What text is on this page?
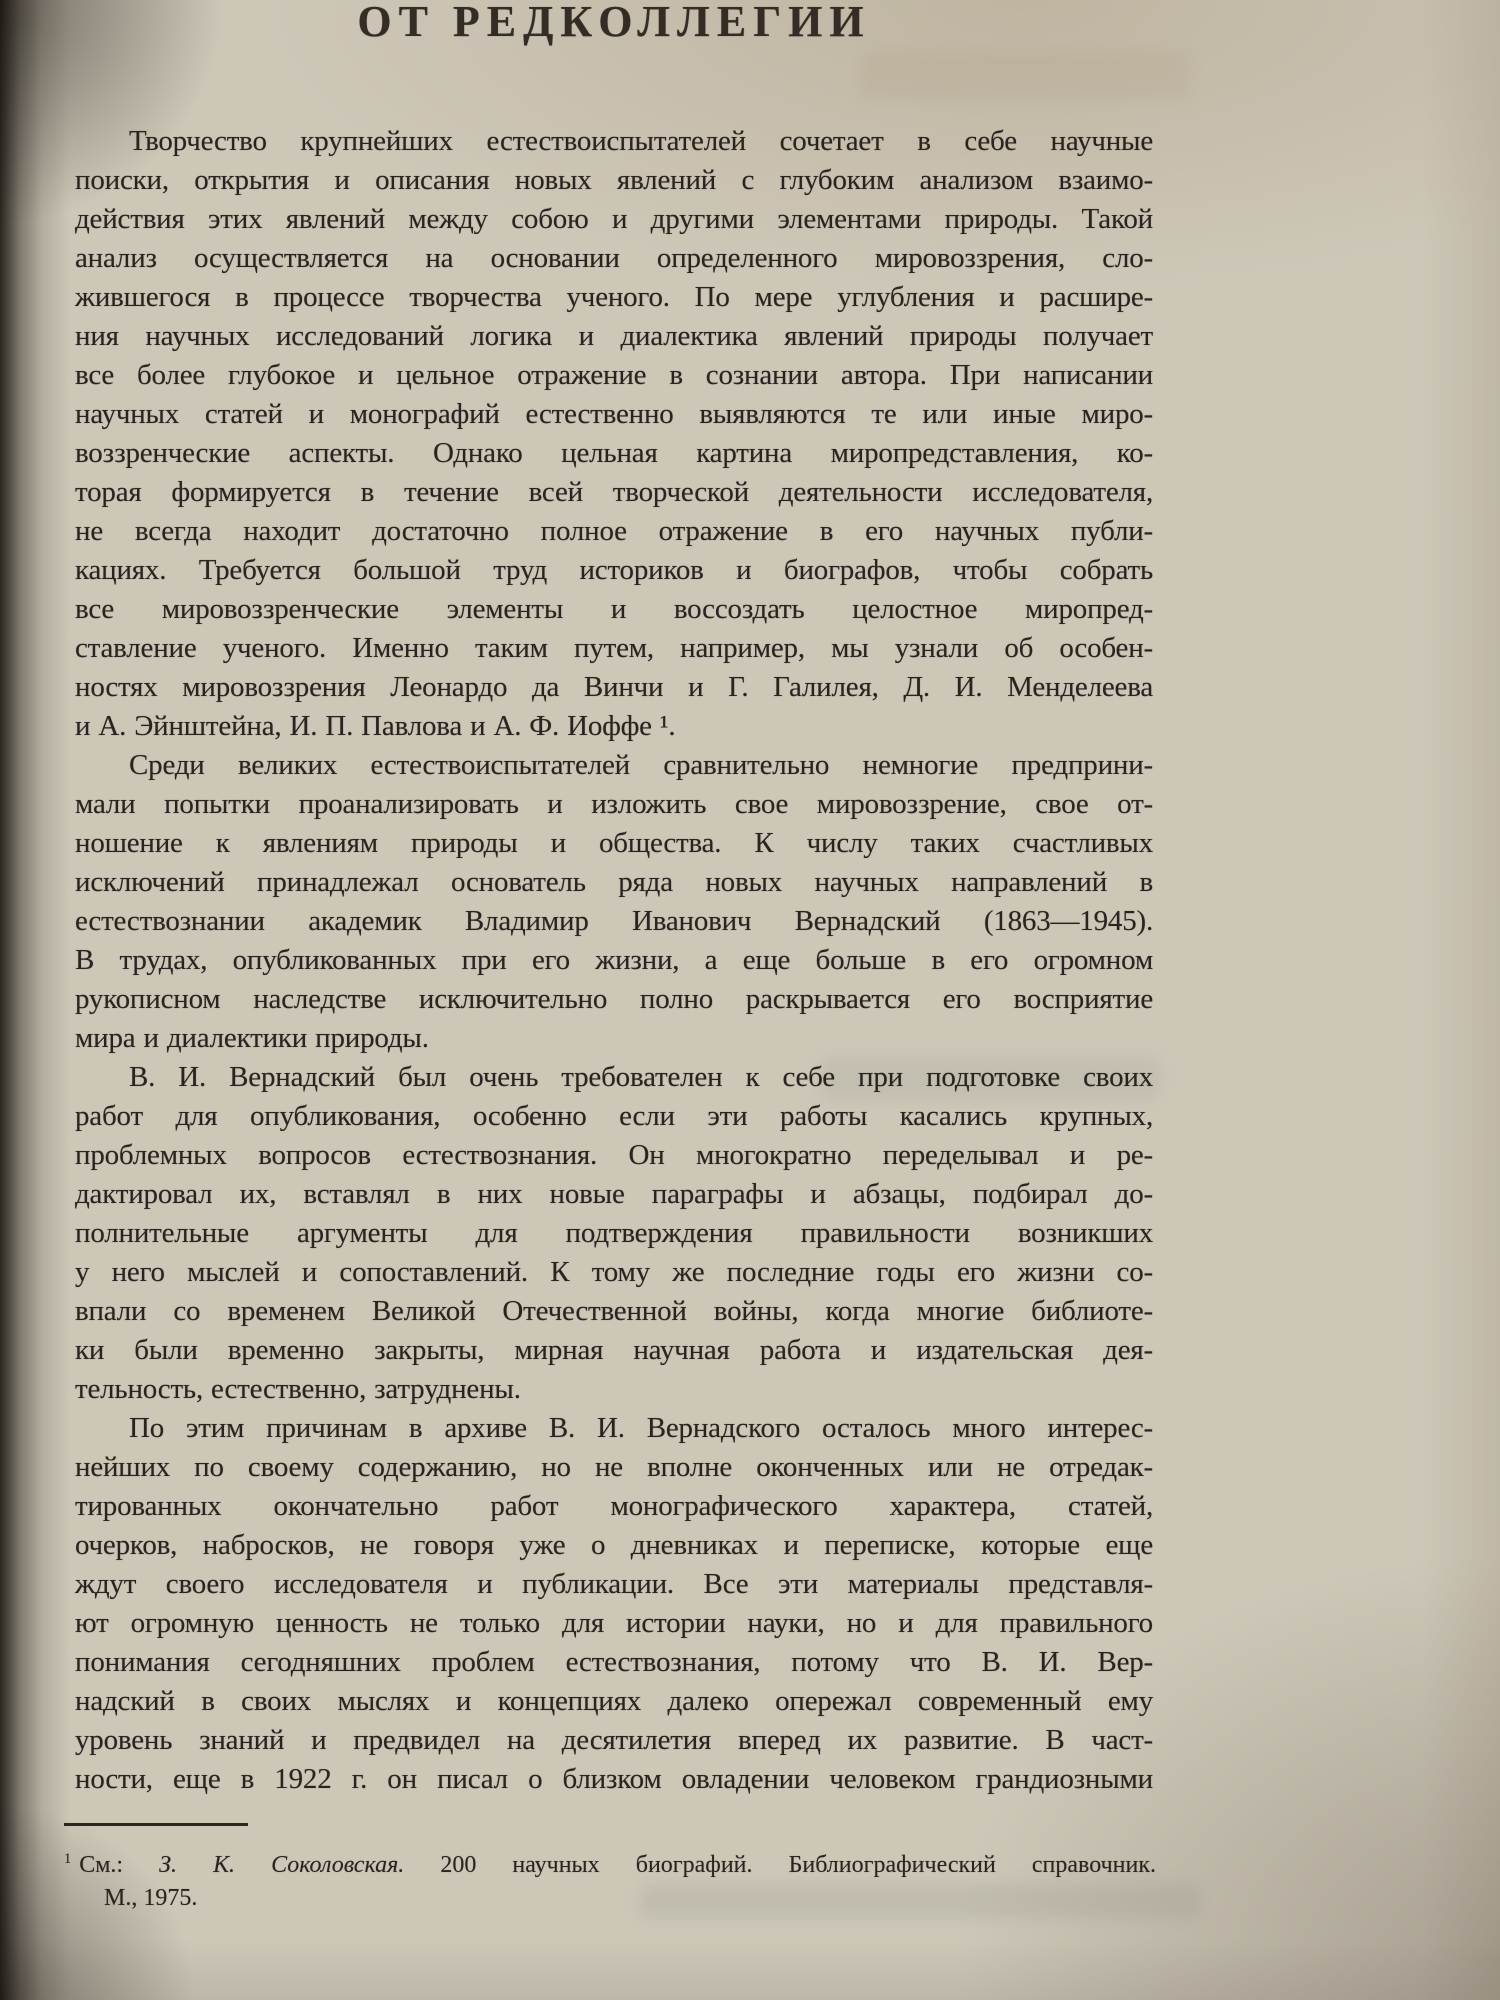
ОТ РЕДКОЛЛЕГИИ

Творчество крупнейших естествоиспытателей сочетает в себе научные
поиски, открытия и описания новых явлений с глубоким анализом взаимо-
действия этих явлений между собою и другими элементами природы. Такой
анализ осуществляется на основании определенного мировоззрения, сло-
жившегося в процессе творчества ученого. По мере углубления и расшире-
ния научных исследований логика и диалектика явлений природы получает
все более глубокое и цельное отражение в сознании автора. При написании
научных статей и монографий естественно выявляются те или иные миро-
воззренческие аспекты. Однако цельная картина миропредставления, ко-
торая формируется в течение всей творческой деятельности исследователя,
не всегда находит достаточно полное отражение в его научных публи-
кациях. Требуется большой труд историков и биографов, чтобы собрать
все мировоззренческие элементы и воссоздать целостное миропред-
ставление ученого. Именно таким путем, например, мы узнали об особен-
ностях мировоззрения Леонардо да Винчи и Г. Галилея, Д. И. Менделеева
и А. Эйнштейна, И. П. Павлова и А. Ф. Иоффе ¹.

Среди великих естествоиспытателей сравнительно немногие предприни-
мали попытки проанализировать и изложить свое мировоззрение, свое от-
ношение к явлениям природы и общества. К числу таких счастливых
исключений принадлежал основатель ряда новых научных направлений в
естествознании академик Владимир Иванович Вернадский (1863—1945).
В трудах, опубликованных при его жизни, а еще больше в его огромном
рукописном наследстве исключительно полно раскрывается его восприятие
мира и диалектики природы.

В. И. Вернадский был очень требователен к себе при подготовке своих
работ для опубликования, особенно если эти работы касались крупных,
проблемных вопросов естествознания. Он многократно переделывал и ре-
дактировал их, вставлял в них новые параграфы и абзацы, подбирал до-
полнительные аргументы для подтверждения правильности возникших
у него мыслей и сопоставлений. К тому же последние годы его жизни со-
впали со временем Великой Отечественной войны, когда многие библиоте-
ки были временно закрыты, мирная научная работа и издательская дея-
тельность, естественно, затруднены.

По этим причинам в архиве В. И. Вернадского осталось много интерес-
нейших по своему содержанию, но не вполне оконченных или не отредак-
тированных окончательно работ монографического характера, статей,
очерков, набросков, не говоря уже о дневниках и переписке, которые еще
ждут своего исследователя и публикации. Все эти материалы представля-
ют огромную ценность не только для истории науки, но и для правильного
понимания сегодняшних проблем естествознания, потому что В. И. Вер-
надский в своих мыслях и концепциях далеко опережал современный ему
уровень знаний и предвидел на десятилетия вперед их развитие. В част-
ности, еще в 1922 г. он писал о близком овладении человеком грандиозными

$^1$ См.: З. К. Соколовская. 200 научных биографий. Библиографический справочник.
М., 1975.
